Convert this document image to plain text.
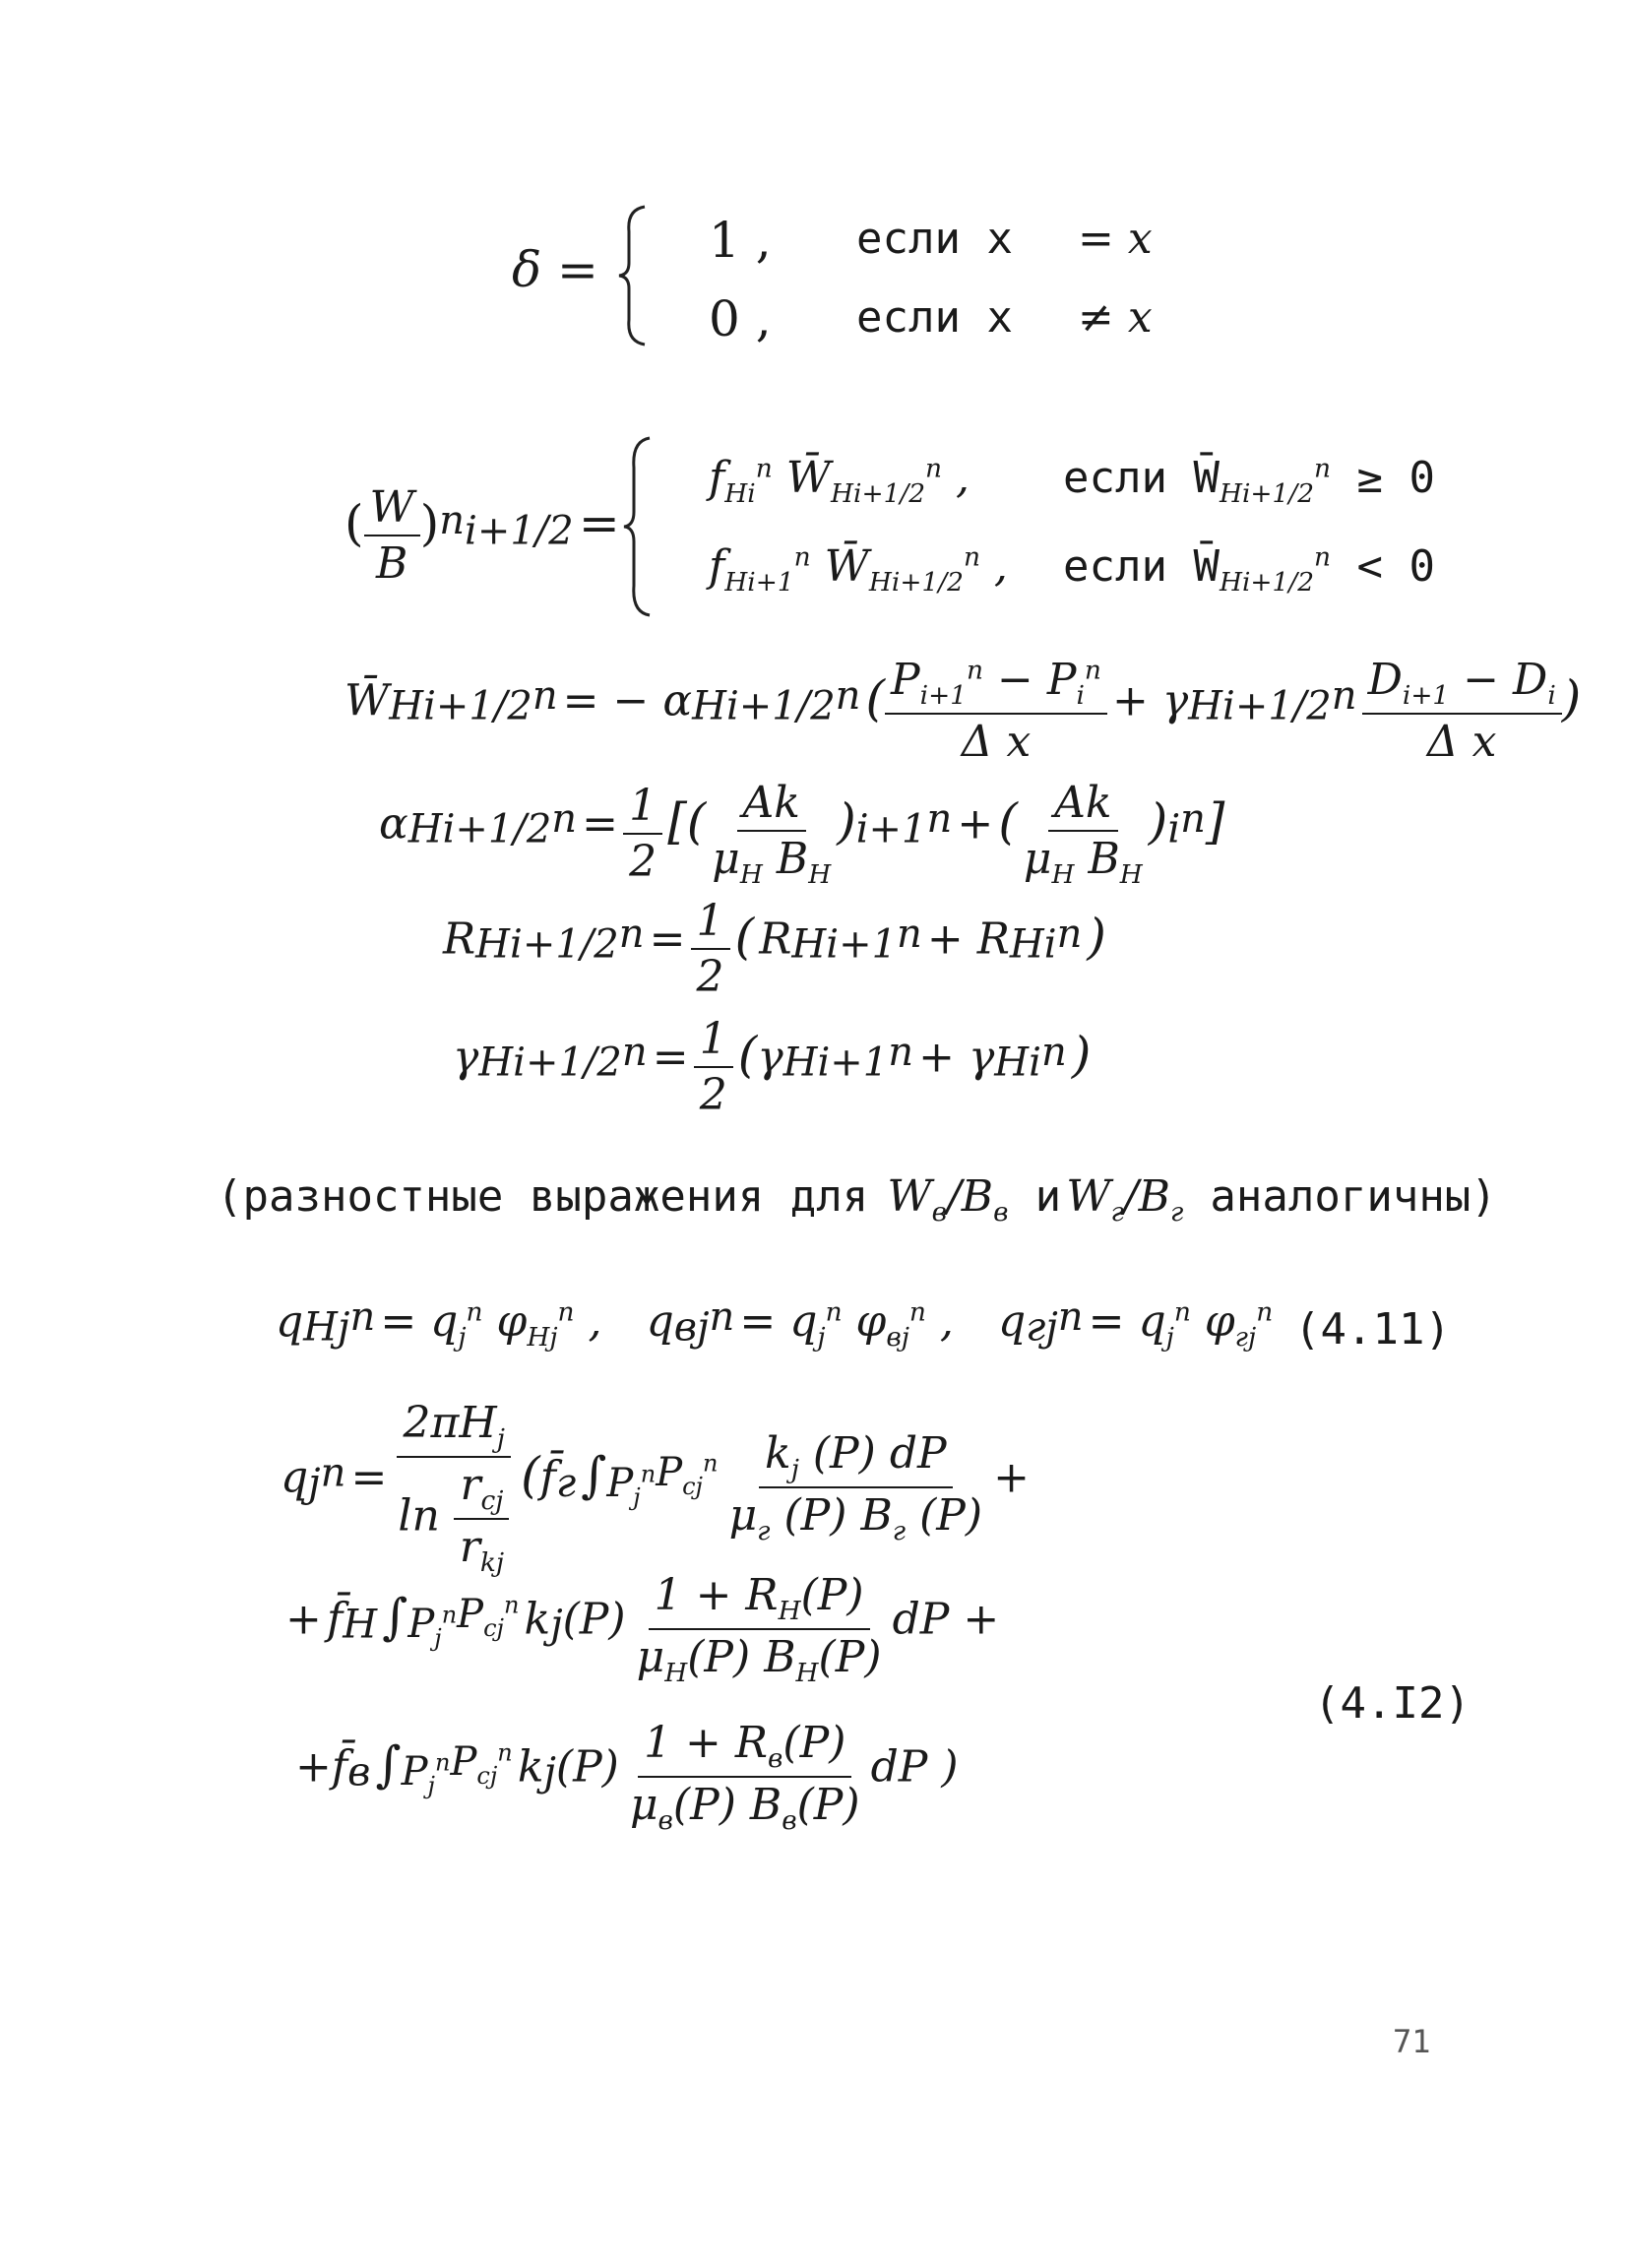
δ =
1 , если x = x
0 , если x ≠ x
( $\frac{W}{B} )^n_{i+1/2}$ =
$f_{Hi}^n$ $W̄_{Hi+1/2}^n$ , если $W̄_{Hi+1/2}^n \ge 0$
$f_{Hi+1}^n$ $W̄_{Hi+1/2}^n$ , если $W̄_{Hi+1/2}^n < 0$
$W̄_{Hi+1/2}^n$ = − $\alpha_{Hi+1/2}^n$ ( $\frac{P_{i+1}^n - P_i^n}{\text{Δ x}} + \gamma_{Hi+1/2}^n \frac{D_{i+1} - D_i}{\text{Δ x}}$ )
$\alpha_{Hi+1/2}^n = \frac{1}{2}$ [( $\frac{Ak}{\mu_H B_H} )_{i+1}^n$ + ( $\frac{Ak}{\mu_H B_H} )_i^n$]
$R_{Hi+1/2}^n = \frac{1}{2}$ ( $R_{Hi+1}^n + R_{Hi}^n$ )
$\gamma_{Hi+1/2}^n = \frac{1}{2} (\gamma_{Hi+1}^n + \gamma_{Hi}^n$ )
(разностные выражения для $W_в/B_в$ и $W_г/B_г$ аналогичны)
$q_{Hj}^n = q_j^n$ $\varphi_{Hj}^n$ , $q_{вj}^n = q_j^n$ $\varphi_{вj}^n$ , $q_{гj}^n = q_j^n$ $\varphi_{гj}^n$ (4.11)
$q_j^n = \frac{2\pi H_j}{\ln \frac{r_{cj}}{r_{kj}}}$ ($f̄_г$ $\int_{P_j^n}^{P_{cj}^n} \frac{k_j (P) dP}{\mu_г (P) B_г (P)}$ +
+ $f̄_H$ $\int_{P_j^n}^{P_{cj}^n}$ $k_j(P) \frac{1 + R_H(P)}{\mu_H(P) B_H(P)}$ dP +
(4.I2)
$+f̄_в$ $\int_{P_j^n}^{P_{cj}^n}$ $k_j(P) \frac{1 + R_в(P)}{\mu_в(P) B_в(P)}$ dP )
71
